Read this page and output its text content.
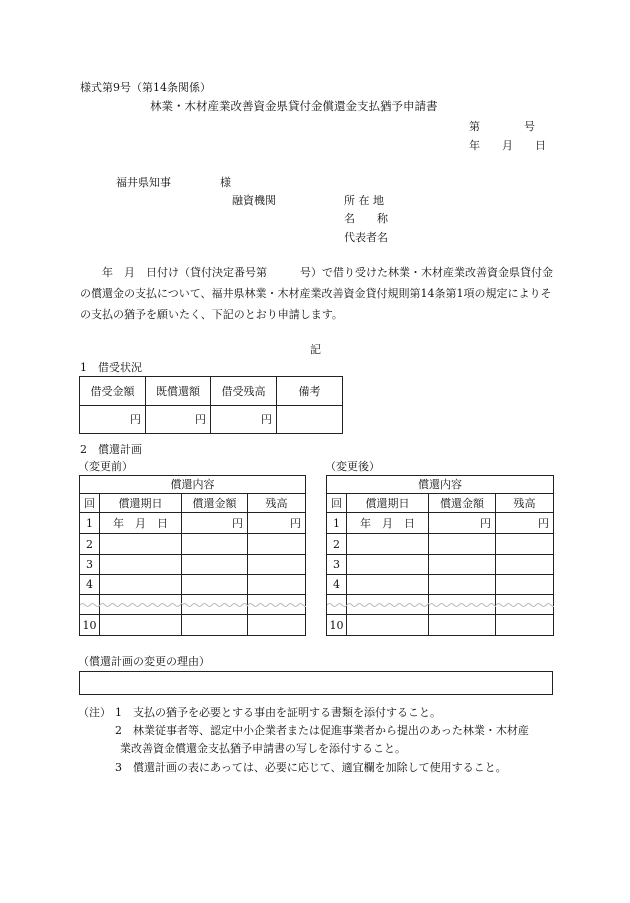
様式第9号（第14条関係）
林業・木材産業改善資金県貸付金償還金支払猶予申請書
第　　　　号
年　　月　　日
福井県知事	様
融資機関	所 在 地
名　　称
代表者名
　年　月　日付け（貸付決定番号第　　　号）で借り受けた林業・木材産業改善資金県貸付金の償還金の支払について、福井県林業・木材産業改善資金貸付規則第14条第1項の規定によりその支払の猶予を願いたく、下記のとおり申請します。
記
1　借受状況
借受金額	既償還額	借受残高	備考
円	円	円	
2　償還計画
（変更前）	（変更後）
償還内容			
回	償還期日	償還金額	残高
1	年　月　日	円	円
2			
3			
4			

10			
償還内容			
回	償還期日	償還金額	残高
1	年　月　日	円	円
2			
3			
4			

10			
（償還計画の変更の理由）
（注） 1 支払の猶予を必要とする事由を証明する書類を添付すること。
2 林業従事者等、認定中小企業者または促進事業者から提出のあった林業・木材産
業改善資金償還金支払猶予申請書の写しを添付すること。
3 償還計画の表にあっては、必要に応じて、適宜欄を加除して使用すること。
